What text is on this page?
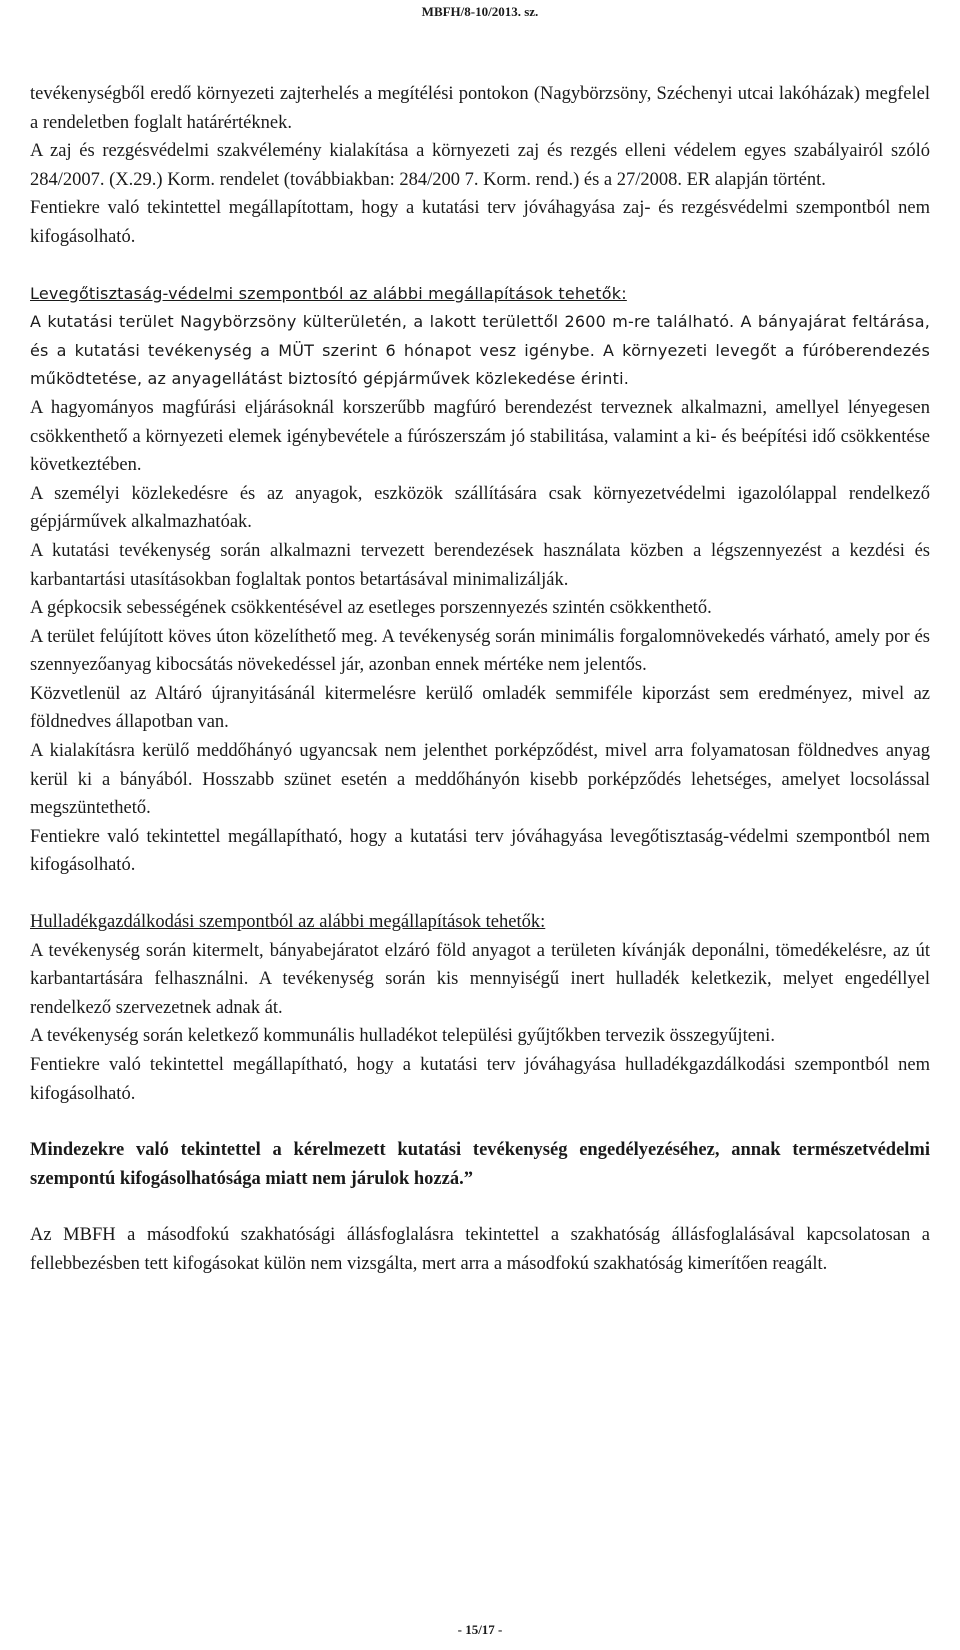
MBFH/8-10/2013. sz.

tevékenységből eredő környezeti zajterhelés a megítélési pontokon (Nagybörzsöny, Széchenyi utcai lakóházak) megfelel a rendeletben foglalt határértéknek.

A zaj és rezgésvédelmi szakvélemény kialakítása a környezeti zaj és rezgés elleni védelem egyes szabályairól szóló 284/2007. (X.29.) Korm. rendelet (továbbiakban: 284/200 7. Korm. rend.) és a 27/2008. ER alapján történt.

Fentiekre való tekintettel megállapítottam, hogy a kutatási terv jóváhagyása zaj- és rezgésvédelmi szempontból nem kifogásolható.

Levegőtisztaság-védelmi szempontból az alábbi megállapítások tehetők:

A kutatási terület Nagybörzsöny külterületén, a lakott területtől 2600 m-re található. A bányajárat feltárása, és a kutatási tevékenység a MÜT szerint 6 hónapot vesz igénybe. A környezeti levegőt a fúróberendezés működtetése, az anyagellátást biztosító gépjárművek közlekedése érinti.

A hagyományos magfúrási eljárásoknál korszerűbb magfúró berendezést terveznek alkalmazni, amellyel lényegesen csökkenthető a környezeti elemek igénybevétele a fúrószerszám jó stabilitása, valamint a ki- és beépítési idő csökkentése következtében.

A személyi közlekedésre és az anyagok, eszközök szállítására csak környezetvédelmi igazolólappal rendelkező gépjárművek alkalmazhatóak.

A kutatási tevékenység során alkalmazni tervezett berendezések használata közben a légszennyezést a kezdési és karbantartási utasításokban foglaltak pontos betartásával minimalizálják.

A gépkocsik sebességének csökkentésével az esetleges porszennyezés szintén csökkenthető.

A terület felújított köves úton közelíthető meg. A tevékenység során minimális forgalomnövekedés várható, amely por és szennyezőanyag kibocsátás növekedéssel jár, azonban ennek mértéke nem jelentős.

Közvetlenül az Altáró újranyitásánál kitermelésre kerülő omladék semmiféle kiporzást sem eredményez, mivel az földnedves állapotban van.

A kialakításra kerülő meddőhányó ugyancsak nem jelenthet porképződést, mivel arra folyamatosan földnedves anyag kerül ki a bányából. Hosszabb szünet esetén a meddőhányón kisebb porképződés lehetséges, amelyet locsolással megszüntethető.

Fentiekre való tekintettel megállapítható, hogy a kutatási terv jóváhagyása levegőtisztaság-védelmi szempontból nem kifogásolható.

Hulladékgazdálkodási szempontból az alábbi megállapítások tehetők:

A tevékenység során kitermelt, bányabejáratot elzáró föld anyagot a területen kívánják deponálni, tömedékelésre, az út karbantartására felhasználni. A tevékenység során kis mennyiségű inert hulladék keletkezik, melyet engedéllyel rendelkező szervezetnek adnak át.

A tevékenység során keletkező kommunális hulladékot települési gyűjtőkben tervezik összegyűjteni.

Fentiekre való tekintettel megállapítható, hogy a kutatási terv jóváhagyása hulladékgazdálkodási szempontból nem kifogásolható.

Mindezekre való tekintettel a kérelmezett kutatási tevékenység engedélyezéséhez, annak természetvédelmi szempontú kifogásolhatósága miatt nem járulok hozzá.”

Az MBFH a másodfokú szakhatósági állásfoglalásra tekintettel a szakhatóság állásfoglalásával kapcsolatosan a fellebbezésben tett kifogásokat külön nem vizsgálta, mert arra a másodfokú szakhatóság kimerítően reagált.

- 15/17 -
